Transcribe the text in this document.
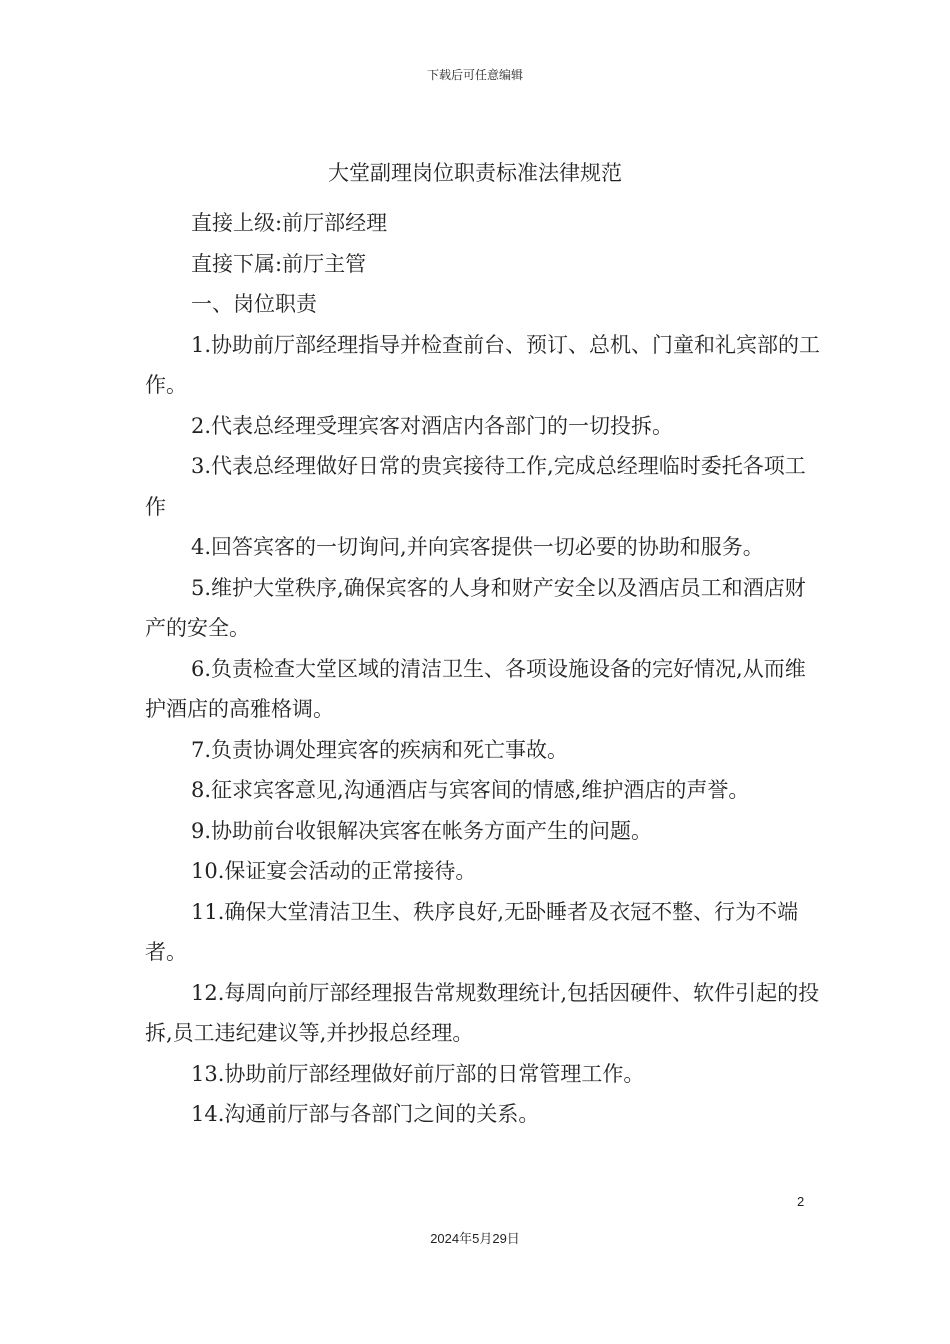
下载后可任意编辑
大堂副理岗位职责标准法律规范

直接上级:前厅部经理

直接下属:前厅主管

一、岗位职责

1.协助前厅部经理指导并检查前台、预订、总机、门童和礼宾部的工作。

2.代表总经理受理宾客对酒店内各部门的一切投拆。

3.代表总经理做好日常的贵宾接待工作,完成总经理临时委托各项工作

4.回答宾客的一切询问,并向宾客提供一切必要的协助和服务。

5.维护大堂秩序,确保宾客的人身和财产安全以及酒店员工和酒店财产的安全。

6.负责检查大堂区域的清洁卫生、各项设施设备的完好情况,从而维护酒店的高雅格调。

7.负责协调处理宾客的疾病和死亡事故。

8.征求宾客意见,沟通酒店与宾客间的情感,维护酒店的声誉。

9.协助前台收银解决宾客在帐务方面产生的问题。

10.保证宴会活动的正常接待。

11.确保大堂清洁卫生、秩序良好,无卧睡者及衣冠不整、行为不端者。

12.每周向前厅部经理报告常规数理统计,包括因硬件、软件引起的投拆,员工违纪建议等,并抄报总经理。

13.协助前厅部经理做好前厅部的日常管理工作。

14.沟通前厅部与各部门之间的关系。

2
2024年5月29日
